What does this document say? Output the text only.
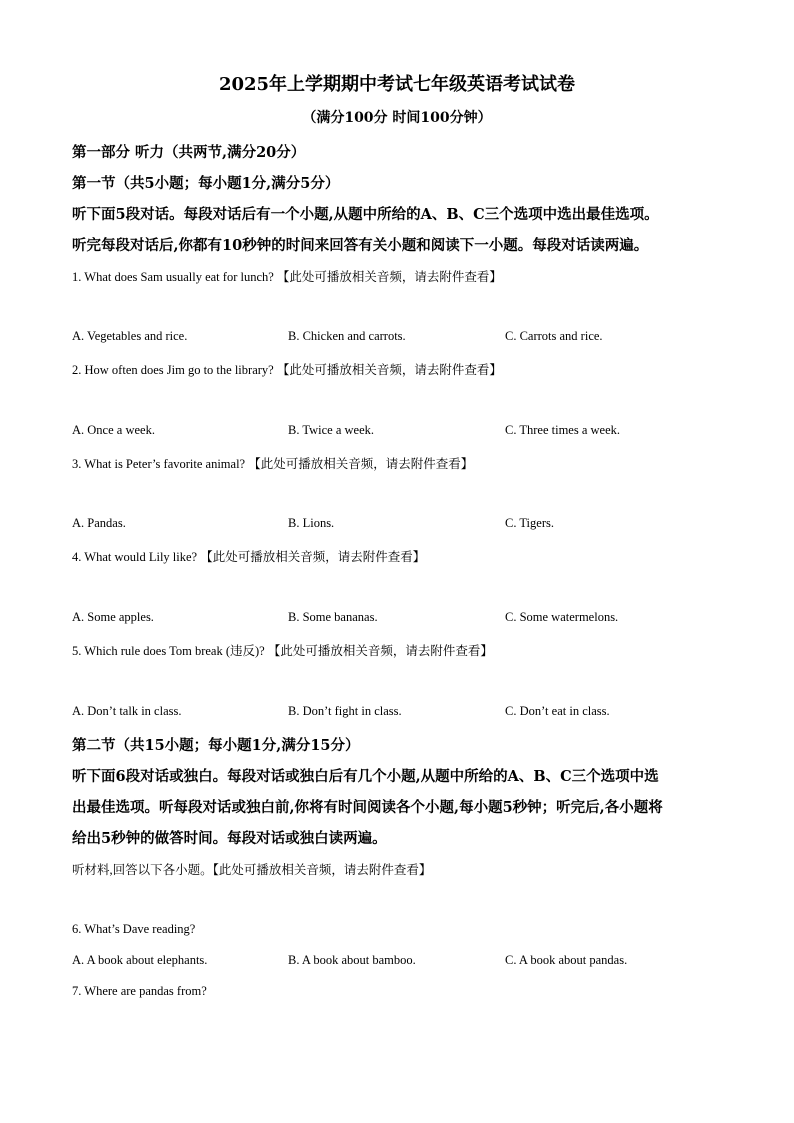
2025年上学期期中考试七年级英语考试试卷
（满分100分 时间100分钟）
第一部分 听力（共两节,满分20分）
第一节（共5小题；每小题1分,满分5分）
听下面5段对话。每段对话后有一个小题,从题中所给的A、B、C三个选项中选出最佳选项。
听完每段对话后,你都有10秒钟的时间来回答有关小题和阅读下一小题。每段对话读两遍。
1. What does Sam usually eat for lunch? 【此处可播放相关音频，请去附件查看】
A. Vegetables and rice.	B. Chicken and carrots.	C. Carrots and rice.
2. How often does Jim go to the library? 【此处可播放相关音频，请去附件查看】
A. Once a week.	B. Twice a week.	C. Three times a week.
3. What is Peter’s favorite animal? 【此处可播放相关音频，请去附件查看】
A. Pandas.	B. Lions.	C. Tigers.
4. What would Lily like? 【此处可播放相关音频，请去附件查看】
A. Some apples.	B. Some bananas.	C. Some watermelons.
5. Which rule does Tom break (违反)? 【此处可播放相关音频，请去附件查看】
A. Don’t talk in class.	B. Don’t fight in class.	C. Don’t eat in class.
第二节（共15小题；每小题1分,满分15分）
听下面6段对话或独白。每段对话或独白后有几个小题,从题中所给的A、B、C三个选项中选
出最佳选项。听每段对话或独白前,你将有时间阅读各个小题,每小题5秒钟；听完后,各小题将
给出5秒钟的做答时间。每段对话或独白读两遍。
听材料,回答以下各小题。【此处可播放相关音频，请去附件查看】
6. What’s Dave reading?
A. A book about elephants.	B. A book about bamboo.	C. A book about pandas.
7. Where are pandas from?
